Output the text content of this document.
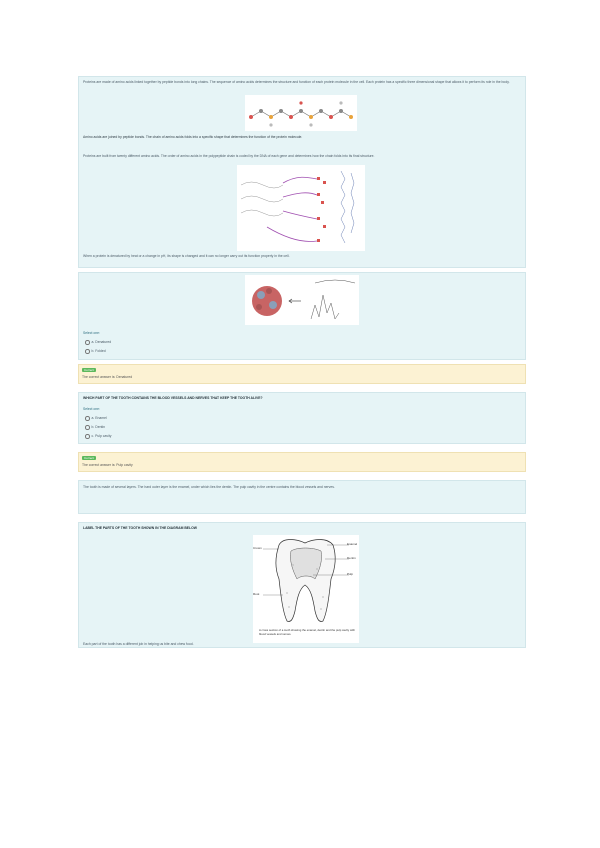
Proteins are made of amino acids linked together by peptide bonds into long chains. The sequence of amino acids determines the structure and function of each protein molecule in the cell. Each protein has a specific three dimensional shape that allows it to perform its role in the body.
Amino acids are joined by peptide bonds. The chain of amino acids folds into a specific shape that determines the function of the protein molecule.
Proteins are built from twenty different amino acids. The order of amino acids in the polypeptide chain is coded by the DNA of each gene and determines how the chain folds into its final structure.
When a protein is denatured by heat or a change in pH, its shape is changed and it can no longer carry out its function properly in the cell.
Select one:
a. Denatured
b. Folded
Correct
The correct answer is: Denatured
WHICH PART OF THE TOOTH CONTAINS THE BLOOD VESSELS AND NERVES THAT KEEP THE TOOTH ALIVE?
Select one:
a. Enamel
b. Dentin
c. Pulp cavity
Correct
The correct answer is: Pulp cavity
The tooth is made of several layers. The hard outer layer is the enamel, under which lies the dentin. The pulp cavity in the centre contains the blood vessels and nerves.
LABEL THE PARTS OF THE TOOTH SHOWN IN THE DIAGRAM BELOW
Enamel
Dentin
Crown
Root
Pulp
A cross section of a tooth showing the enamel, dentin and the pulp cavity with blood vessels and nerves.
Each part of the tooth has a different job in helping us bite and chew food.
